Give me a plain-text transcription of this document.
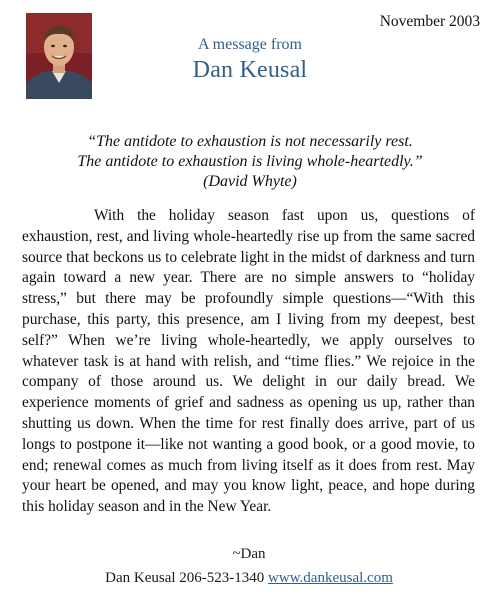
November 2003
A message from
Dan Keusal
“The antidote to exhaustion is not necessarily rest.
The antidote to exhaustion is living whole-heartedly.”
(David Whyte)

With the holiday season fast upon us, questions of exhaustion, rest, and living whole-heartedly rise up from the same sacred source that beckons us to celebrate light in the midst of darkness and turn again toward a new year. There are no simple answers to “holiday stress,” but there may be profoundly simple questions—“With this purchase, this party, this presence, am I living from my deepest, best self?” When we’re living whole-heartedly, we apply ourselves to whatever task is at hand with relish, and “time flies.” We rejoice in the company of those around us. We delight in our daily bread. We experience moments of grief and sadness as opening us up, rather than shutting us down. When the time for rest finally does arrive, part of us longs to postpone it—like not wanting a good book, or a good movie, to end; renewal comes as much from living itself as it does from rest. May your heart be opened, and may you know light, peace, and hope during this holiday season and in the New Year.

~Dan
Dan Keusal 206-523-1340 www.dankeusal.com
